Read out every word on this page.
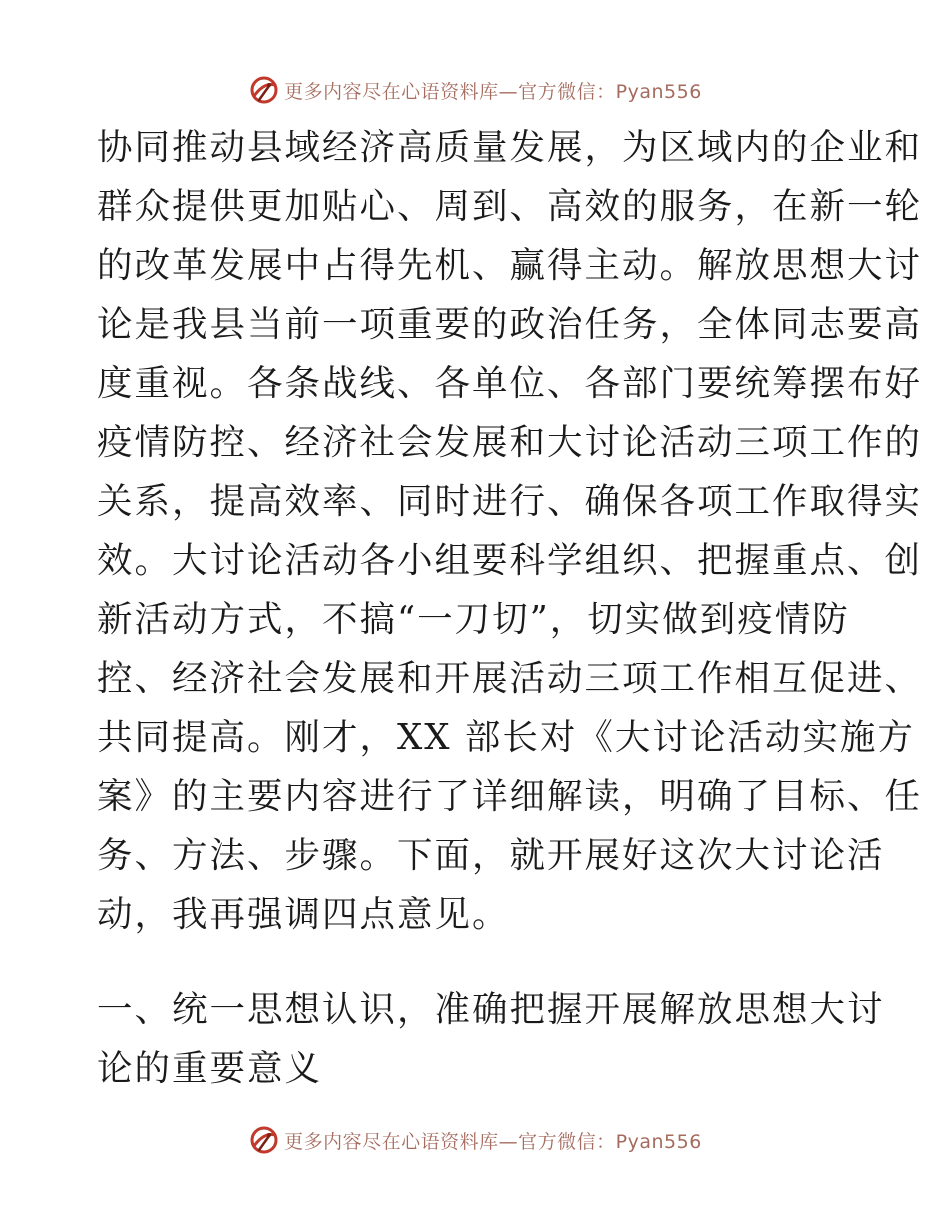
更多内容尽在心语资料库—官方微信：Pyan556
协同推动县域经济高质量发展，为区域内的企业和
群众提供更加贴心、周到、高效的服务，在新一轮
的改革发展中占得先机、赢得主动。解放思想大讨
论是我县当前一项重要的政治任务，全体同志要高
度重视。各条战线、各单位、各部门要统筹摆布好
疫情防控、经济社会发展和大讨论活动三项工作的
关系，提高效率、同时进行、确保各项工作取得实
效。大讨论活动各小组要科学组织、把握重点、创
新活动方式，不搞“一刀切”，切实做到疫情防
控、经济社会发展和开展活动三项工作相互促进、
共同提高。刚才，XX 部长对《大讨论活动实施方
案》的主要内容进行了详细解读，明确了目标、任
务、方法、步骤。下面，就开展好这次大讨论活
动，我再强调四点意见。
一、统一思想认识，准确把握开展解放思想大讨
论的重要意义
更多内容尽在心语资料库—官方微信：Pyan556
